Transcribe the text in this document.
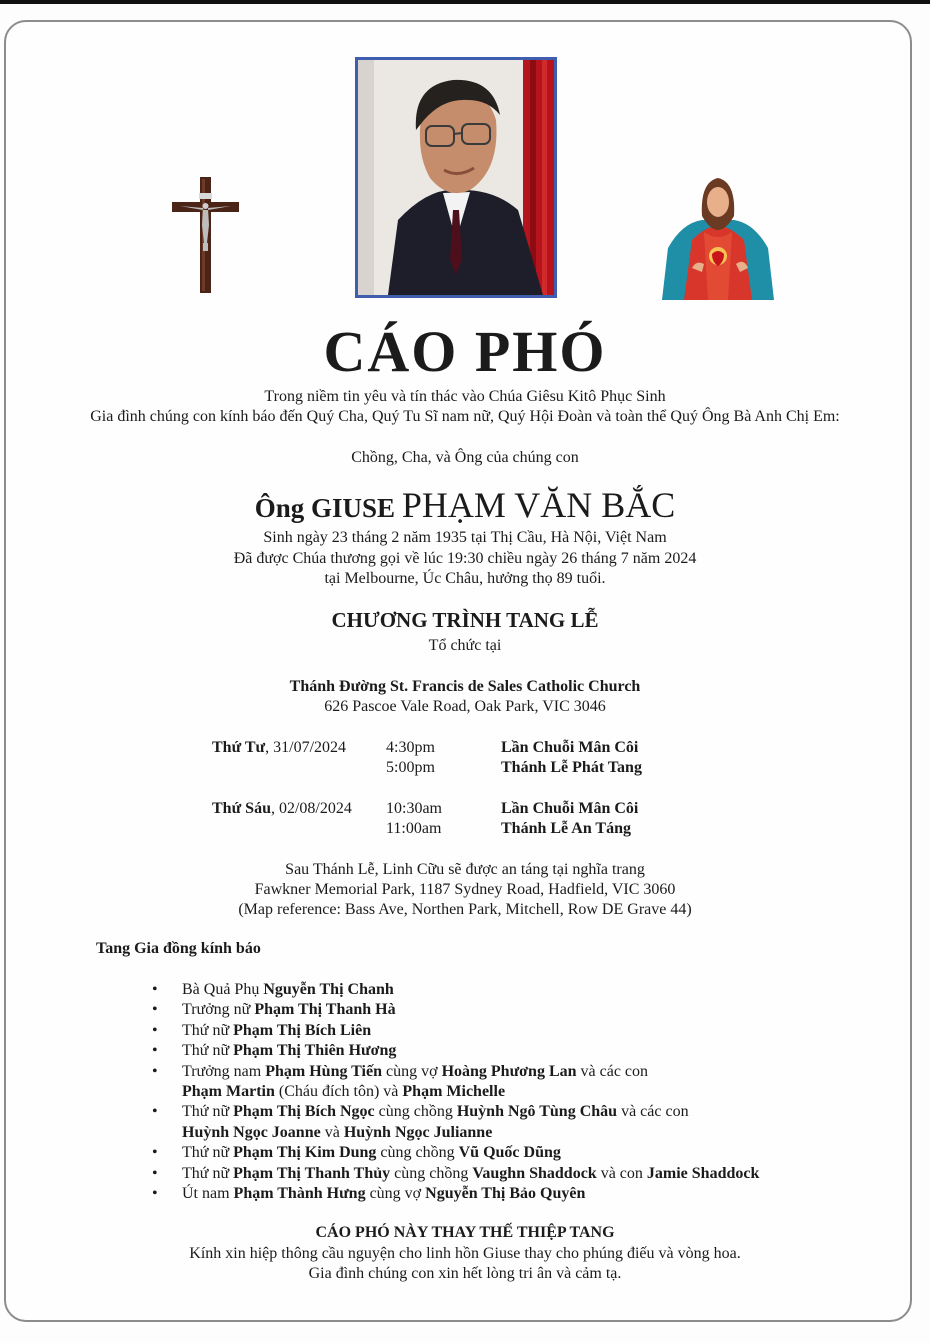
CÁO PHÓ
Trong niềm tin yêu và tín thác vào Chúa Giêsu Kitô Phục Sinh
Gia đình chúng con kính báo đến Quý Cha, Quý Tu Sĩ nam nữ, Quý Hội Đoàn và toàn thể Quý Ông Bà Anh Chị Em:
Chồng, Cha, và Ông của chúng con
Ông GIUSE PHẠM VĂN BẮC
Sinh ngày 23 tháng 2 năm 1935 tại Thị Cầu, Hà Nội, Việt Nam
Đã được Chúa thương gọi về lúc 19:30 chiều ngày 26 tháng 7 năm 2024
tại Melbourne, Úc Châu, hưởng thọ 89 tuổi.
CHƯƠNG TRÌNH TANG LỄ
Tổ chức tại
Thánh Đường St. Francis de Sales Catholic Church
626 Pascoe Vale Road, Oak Park, VIC 3046
Thứ Tư, 31/07/2024 4:30pm
5:00pm
Lần Chuỗi Mân Côi
Thánh Lễ Phát Tang
Thứ Sáu, 02/08/2024 10:30am
11:00am
Lần Chuỗi Mân Côi
Thánh Lễ An Táng
Sau Thánh Lễ, Linh Cữu sẽ được an táng tại nghĩa trang
Fawkner Memorial Park, 1187 Sydney Road, Hadfield, VIC 3060
(Map reference: Bass Ave, Northen Park, Mitchell, Row DE Grave 44)
Tang Gia đồng kính báo
• Bà Quả Phụ Nguyễn Thị Chanh
• Trưởng nữ Phạm Thị Thanh Hà
• Thứ nữ Phạm Thị Bích Liên
• Thứ nữ Phạm Thị Thiên Hương
• Trưởng nam Phạm Hùng Tiến cùng vợ Hoàng Phương Lan và các con
Phạm Martin (Cháu đích tôn) và Phạm Michelle
• Thứ nữ Phạm Thị Bích Ngọc cùng chồng Huỳnh Ngô Tùng Châu và các con
Huỳnh Ngọc Joanne và Huỳnh Ngọc Julianne
• Thứ nữ Phạm Thị Kim Dung cùng chồng Vũ Quốc Dũng
• Thứ nữ Phạm Thị Thanh Thủy cùng chồng Vaughn Shaddock và con Jamie Shaddock
• Út nam Phạm Thành Hưng cùng vợ Nguyễn Thị Bảo Quyên
CÁO PHÓ NÀY THAY THẾ THIỆP TANG
Kính xin hiệp thông cầu nguyện cho linh hồn Giuse thay cho phúng điếu và vòng hoa.
Gia đình chúng con xin hết lòng tri ân và cảm tạ.
